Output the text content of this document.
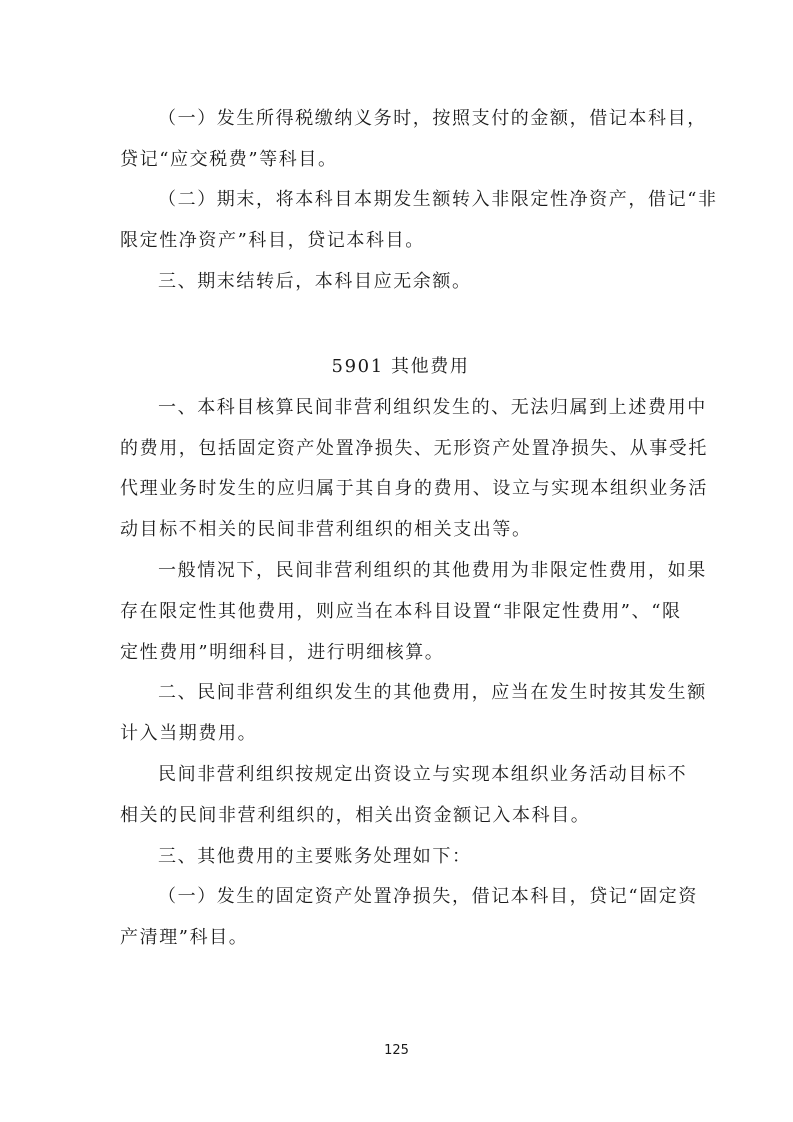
（一）发生所得税缴纳义务时，按照支付的金额，借记本科目，
贷记“应交税费”等科目。
（二）期末，将本科目本期发生额转入非限定性净资产，借记“非
限定性净资产”科目，贷记本科目。
三、期末结转后，本科目应无余额。
5901 其他费用
一、本科目核算民间非营利组织发生的、无法归属到上述费用中
的费用，包括固定资产处置净损失、无形资产处置净损失、从事受托
代理业务时发生的应归属于其自身的费用、设立与实现本组织业务活
动目标不相关的民间非营利组织的相关支出等。
一般情况下，民间非营利组织的其他费用为非限定性费用，如果
存在限定性其他费用，则应当在本科目设置“非限定性费用”、“限
定性费用”明细科目，进行明细核算。
二、民间非营利组织发生的其他费用，应当在发生时按其发生额
计入当期费用。
民间非营利组织按规定出资设立与实现本组织业务活动目标不
相关的民间非营利组织的，相关出资金额记入本科目。
三、其他费用的主要账务处理如下：
（一）发生的固定资产处置净损失，借记本科目，贷记“固定资
产清理”科目。
125
